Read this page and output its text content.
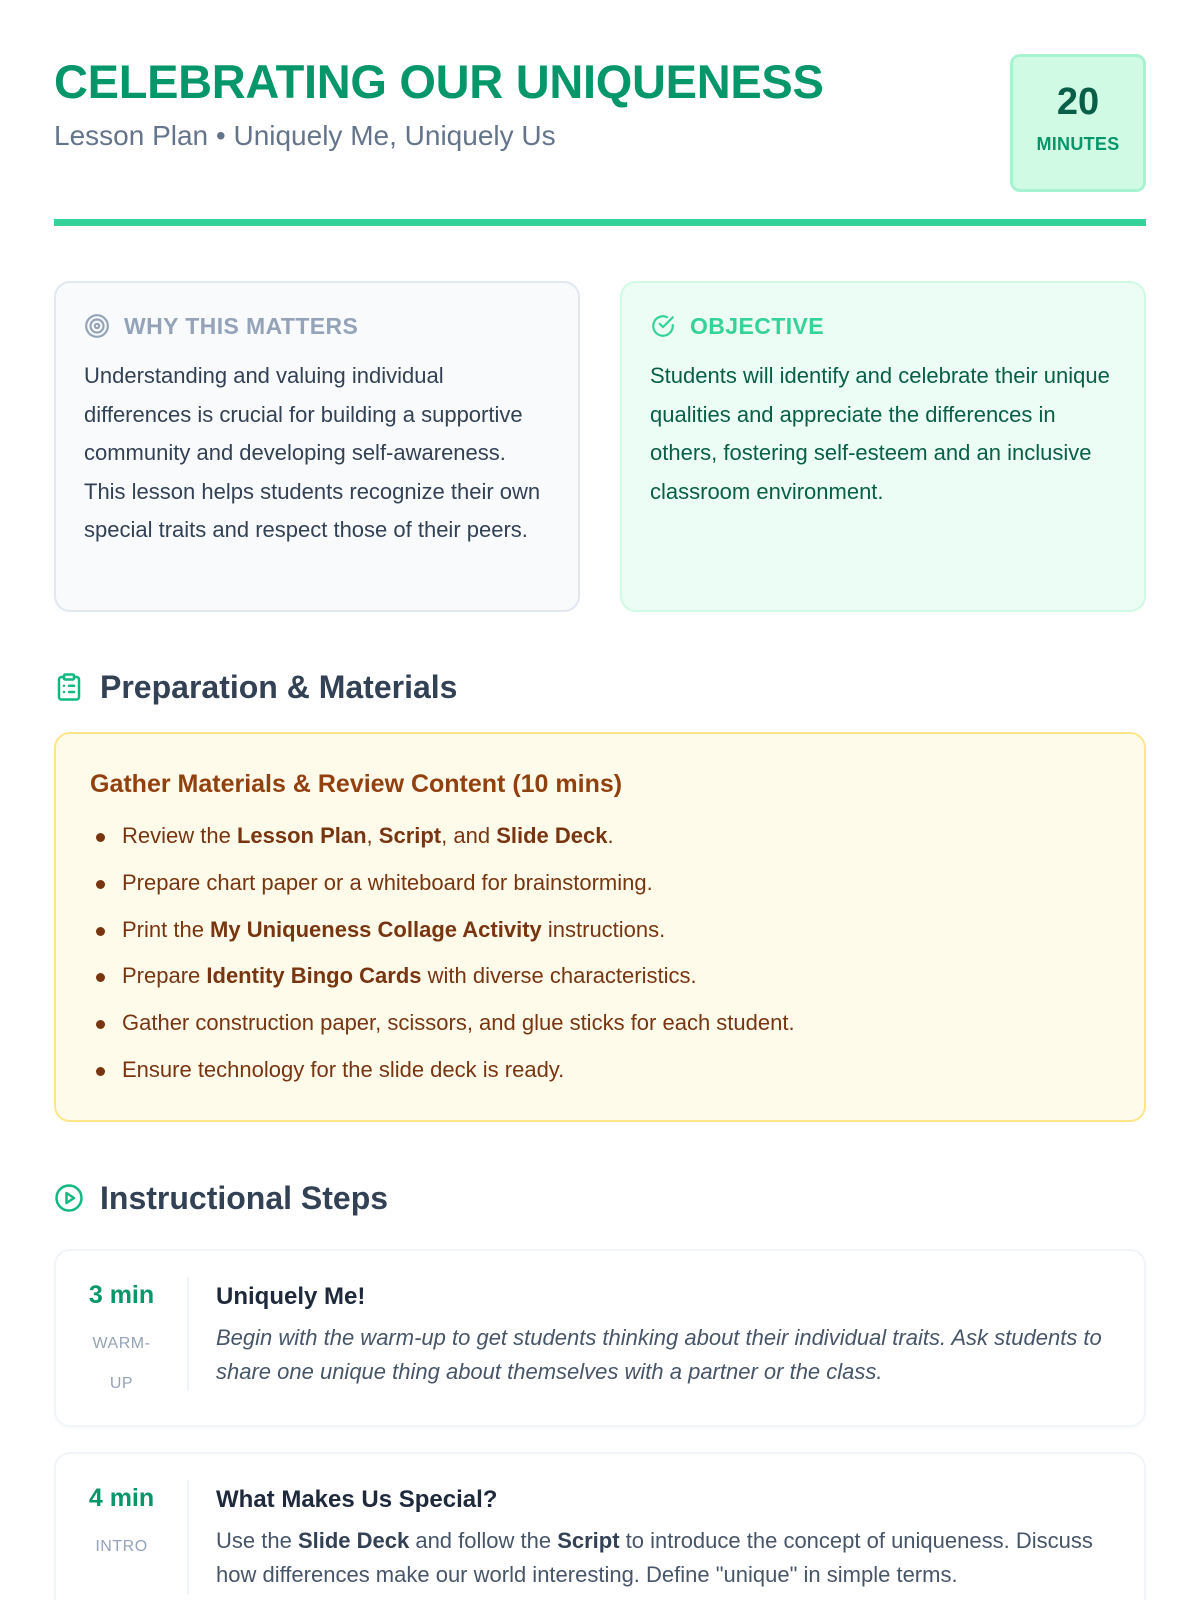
CELEBRATING OUR UNIQUENESS
Lesson Plan • Uniquely Me, Uniquely Us
20
MINUTES
WHY THIS MATTERS

Understanding and valuing individual differences is crucial for building a supportive community and developing self-awareness. This lesson helps students recognize their own special traits and respect those of their peers.

OBJECTIVE

Students will identify and celebrate their unique qualities and appreciate the differences in others, fostering self-esteem and an inclusive classroom environment.

Preparation & Materials
Gather Materials & Review Content (10 mins)
Review the Lesson Plan, Script, and Slide Deck.
Prepare chart paper or a whiteboard for brainstorming.
Print the My Uniqueness Collage Activity instructions.
Prepare Identity Bingo Cards with diverse characteristics.
Gather construction paper, scissors, and glue sticks for each student.
Ensure technology for the slide deck is ready.
Instructional Steps
3 min
WARM-UP
Uniquely Me!

Begin with the warm-up to get students thinking about their individual traits. Ask students to share one unique thing about themselves with a partner or the class.

4 min
INTRO
What Makes Us Special?

Use the Slide Deck and follow the Script to introduce the concept of uniqueness. Discuss how differences make our world interesting. Define "unique" in simple terms.
